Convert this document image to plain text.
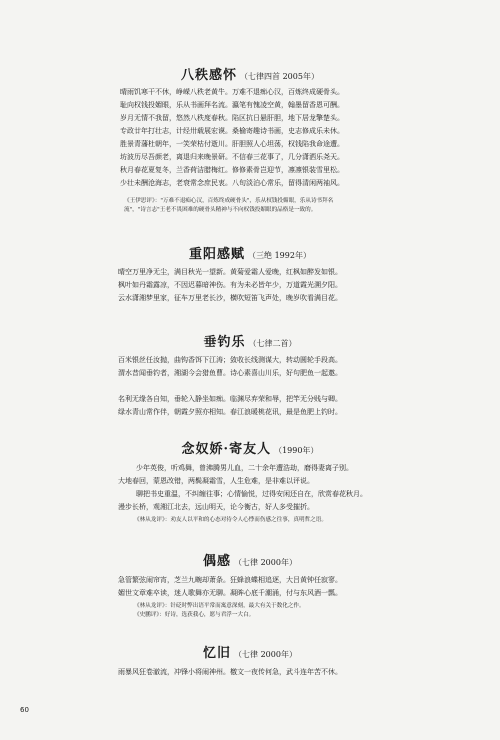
八秩感怀 （七律四首 2005年）

晴雨饥寒干不休，峥嵘八秩老黄牛。万难不退痴心汉，百炼终成硬骨头。

耻向权钱投媚眼，乐从书画拜名流。瀛笔有愧凌空黄，翰墨留香恩可酬。

岁月无情不我留，悠然八秩度春秋。陷区抗日悬肝胆，地下居龙擎楚头。

专政廿年打壮志，计经卅载展宏谟。桑榆寄趣诗书画，史志修成乐未休。

胜景青藩杜朝年，一笑荣枯付逝川。肝胆照人心坦荡，权钱陷我命途遭。

坊波历尽吾颜老，离退归来晚景研。不信春三花事了，几分潇洒乐尧天。

秋月春花夏复冬，兰香荷洁腊梅红。修修素骨岂迎节，凛凛银装雪里松。

少壮未酬沧海志，老衰常念庶民衷。八旬淡泊心常乐，留得清闲两袖风。

《王伊思评》："万难不退痴心汉，百炼终成硬骨头"，乐从权钱投媚眼，乐从诗书拜名

流"，"诗言志"王老不畏困难的硬骨头精神与不向权钱投媚眼的品格是一致的。

重阳感赋 （三绝 1992年）

晴空万里净无尘，满目秋光一望新。黄菊爱霜人爱晚，红枫如醉发如银。

枫叶如丹霜露凉，不因迟暮暗神伤。有为未必皆年少，万道霞光溯夕阳。

云水潇湘梦里家，征车万里老长沙，横吹短笛飞声处，晚岁吹看满目花。

垂钓乐 （七律二首）

百米银丝任汝抛，曲钩香饵下江涛；敛收长线测谋大，转动圆轮手段高。

渭水昔闻垂钓者，湘湖今会猎鱼曹。诗心素喜山川乐，好句肥鱼一起邀。

名利无缘各自知，垂轮入静坐如痴。临渊尽弃荣和辱，把竿无分贱与卿。

绿水青山常作伴，朝霞夕照亦相知。春江浪暖桃花讯，最是鱼肥上钓时。

念奴娇·寄友人 （1990年）

少年英俊，听鸡舞，曾沸腾男儿血，二十余年遭浩劫，磨得妻离子别。

大地春回，蒙恩改错，两鬓凝霜雪，人生危难，是非难以评说。

聊把书史重温，不纠缠往事；心情愉悦，过得安闲还自在，欣赏春花秋月。

漫步长桥，观湘江北去，远山明天，论今衡古，好人多受摧折。

《林从龙评》：劝友人以平和的心态对待令人心悸而伤感之往事，真明哲之语。

偶感 （七律 2000年）

急管繁弦闹帘宵，芝兰九畹却萧条。狂蜂浪蝶相追逐，大吕黄钟任寂寥。

媚世文章难卒读，迷人歌舞亦无聊。凝眸心底千潮涌，付与东风酒一瓢。

《林从龙评》：针砭时弊出语平常而寓意深刻，最大有关于数化之作。

《史鹏评》：好诗，选获我心，愿与君浮一大白。

忆旧 （七律 2000年）

雨暴风狂卷澈流，冲锋小将闹神州。檄文一夜传何急，武斗连年苦不休。

60
